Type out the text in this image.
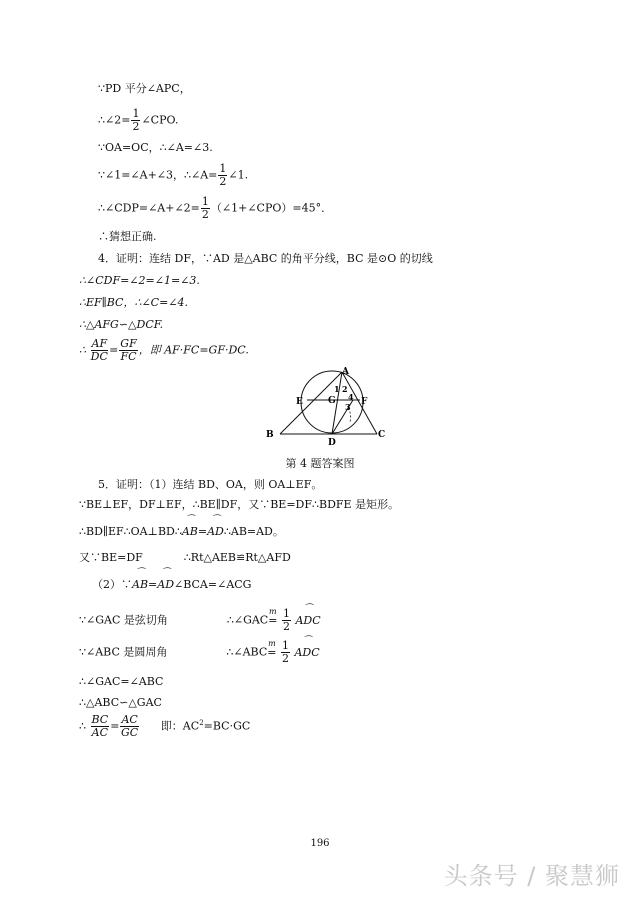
∵PD 平分∠APC，
∴∠2= $\frac{1}{2}$ ∠CPO.
∵OA=OC，∴∠A=∠3.
∵∠1=∠A+∠3，∴∠A= $\frac{1}{2}$ ∠1.
∴∠CDP=∠A+∠2= $\frac{1}{2}$ （∠1+∠CPO）=45°．
∴猜想正确.
4．证明：连结 DF，∵AD 是△ABC 的角平分线，BC 是⊙O 的切线
∴∠CDF=∠2=∠1=∠3.
∴EF∥BC，∴∠C=∠4.
∴△AFG∽△DCF.
∴ $\frac{AF}{DC} = \frac{GF}{FC}$ ，即 AF·FC=GF·DC.
A
E	G	F
B
D
C
1 2
4
3
第 4 题答案图
5．证明：（1）连结 BD、OA，则 OA⊥EF。
∵BE⊥EF，DF⊥EF，∴BE∥DF，又∵BE=DF∴BDFE 是矩形。
∴BD∥EF∴OA⊥BD∴⌒ AB=⌒ AD∴AB=AD。
又∵BE=DF	∴Rt△AEB≌Rt△AFD
（2）∵⌒ AB=⌒ AD∠BCA=∠ACG
∵∠GAC 是弦切角	∴∠GAC
m
= $\frac{1}{2}$ ⌒ ADC
∵∠ABC 是圆周角	∴∠ABC
m
= $\frac{1}{2}$ ⌒ ADC
∴∠GAC=∠ABC
∴△ABC∽△GAC
∴ $\frac{BC}{AC} = \frac{AC}{GC}$ 即：$AC^2=BC\cdot GC$
196
头条号 / 聚慧狮
